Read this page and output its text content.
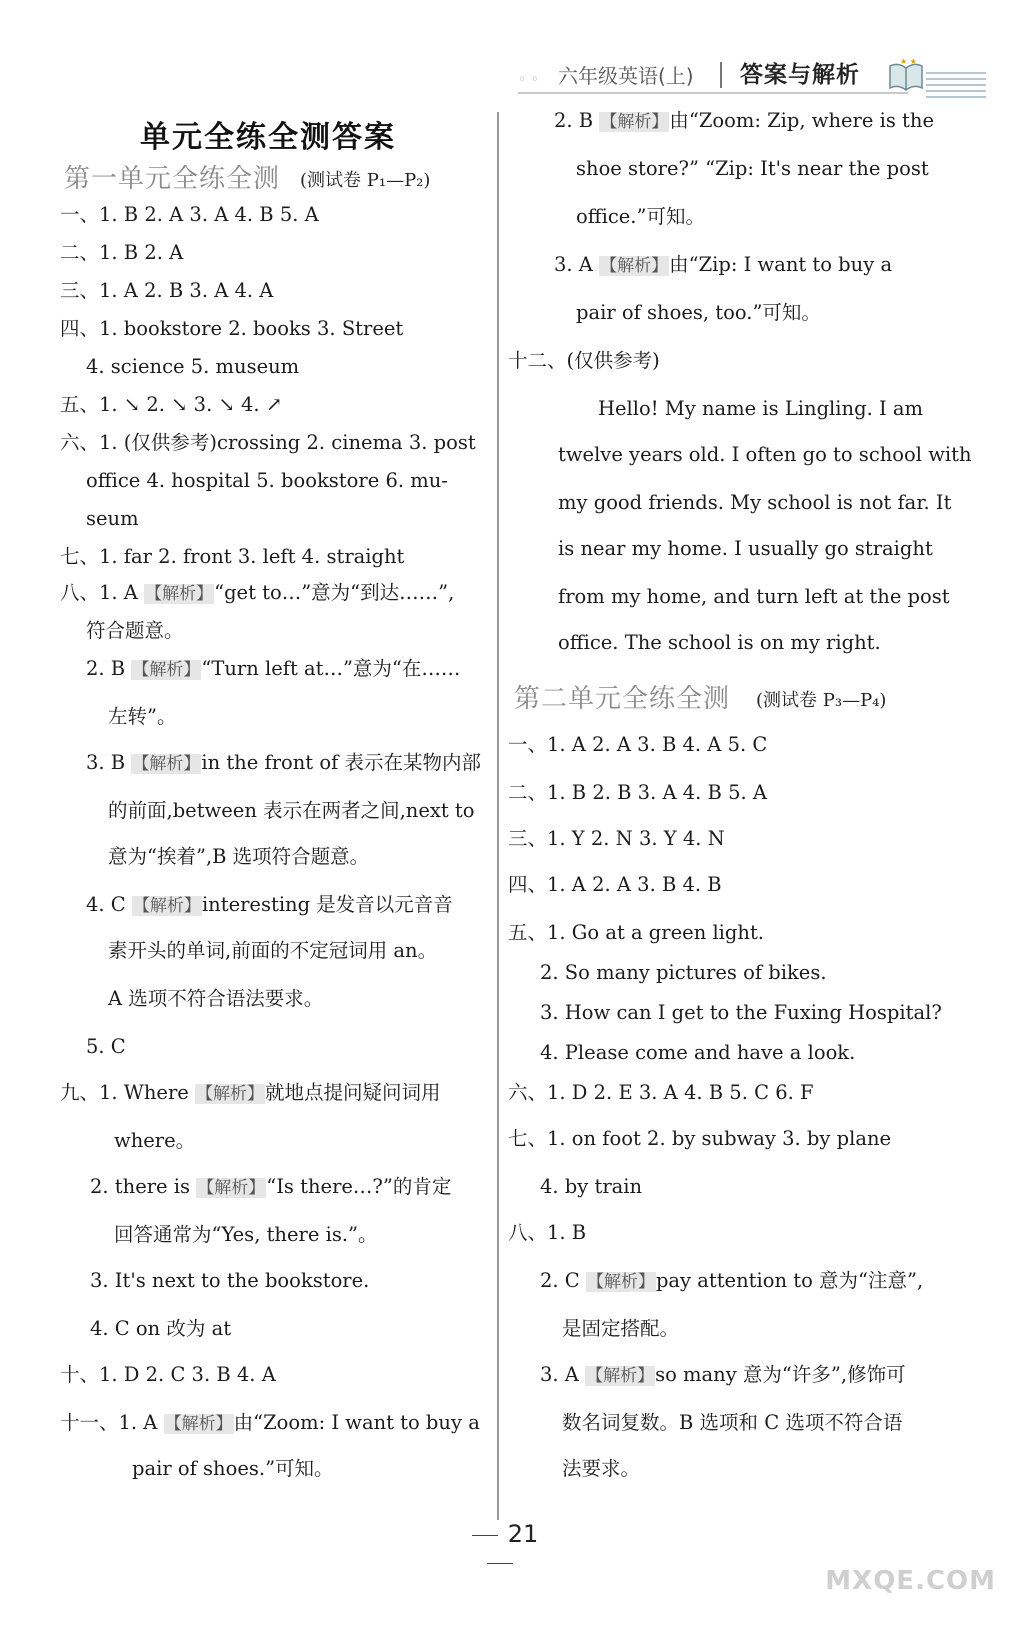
◦ ◦ 六年级英语(上) 答案与解析
★ ★
单元全练全测答案
第一单元全练全测 (测试卷 P₁—P₂)
一、1. B 2. A 3. A 4. B 5. A
二、1. B 2. A
三、1. A 2. B 3. A 4. A
四、1. bookstore 2. books 3. Street
4. science 5. museum
五、1. ↘ 2. ↘ 3. ↘ 4. ↗
六、1. (仅供参考)crossing 2. cinema 3. post
office 4. hospital 5. bookstore 6. mu-
seum
七、1. far 2. front 3. left 4. straight
八、1. A 【解析】“get to…”意为“到达……”,
符合题意。
2. B 【解析】“Turn left at…”意为“在……
左转”。
3. B 【解析】in the front of 表示在某物内部
的前面,between 表示在两者之间,next to
意为“挨着”,B 选项符合题意。
4. C 【解析】interesting 是发音以元音音
素开头的单词,前面的不定冠词用 an。
A 选项不符合语法要求。
5. C
九、1. Where 【解析】就地点提问疑问词用
where。
2. there is 【解析】“Is there…?”的肯定
回答通常为“Yes, there is.”。
3. It's next to the bookstore.
4. C on 改为 at
十、1. D 2. C 3. B 4. A
十一、1. A 【解析】由“Zoom: I want to buy a
pair of shoes.”可知。
2. B 【解析】由“Zoom: Zip, where is the
shoe store?” “Zip: It's near the post
office.”可知。
3. A 【解析】由“Zip: I want to buy a
pair of shoes, too.”可知。
十二、(仅供参考)
Hello! My name is Lingling. I am
twelve years old. I often go to school with
my good friends. My school is not far. It
is near my home. I usually go straight
from my home, and turn left at the post
office. The school is on my right.
第二单元全练全测 (测试卷 P₃—P₄)
一、1. A 2. A 3. B 4. A 5. C
二、1. B 2. B 3. A 4. B 5. A
三、1. Y 2. N 3. Y 4. N
四、1. A 2. A 3. B 4. B
五、1. Go at a green light.
2. So many pictures of bikes.
3. How can I get to the Fuxing Hospital?
4. Please come and have a look.
六、1. D 2. E 3. A 4. B 5. C 6. F
七、1. on foot 2. by subway 3. by plane
4. by train
八、1. B
2. C 【解析】pay attention to 意为“注意”,
是固定搭配。
3. A 【解析】so many 意为“许多”,修饰可
数名词复数。B 选项和 C 选项不符合语
法要求。
21
MXQE.COM
